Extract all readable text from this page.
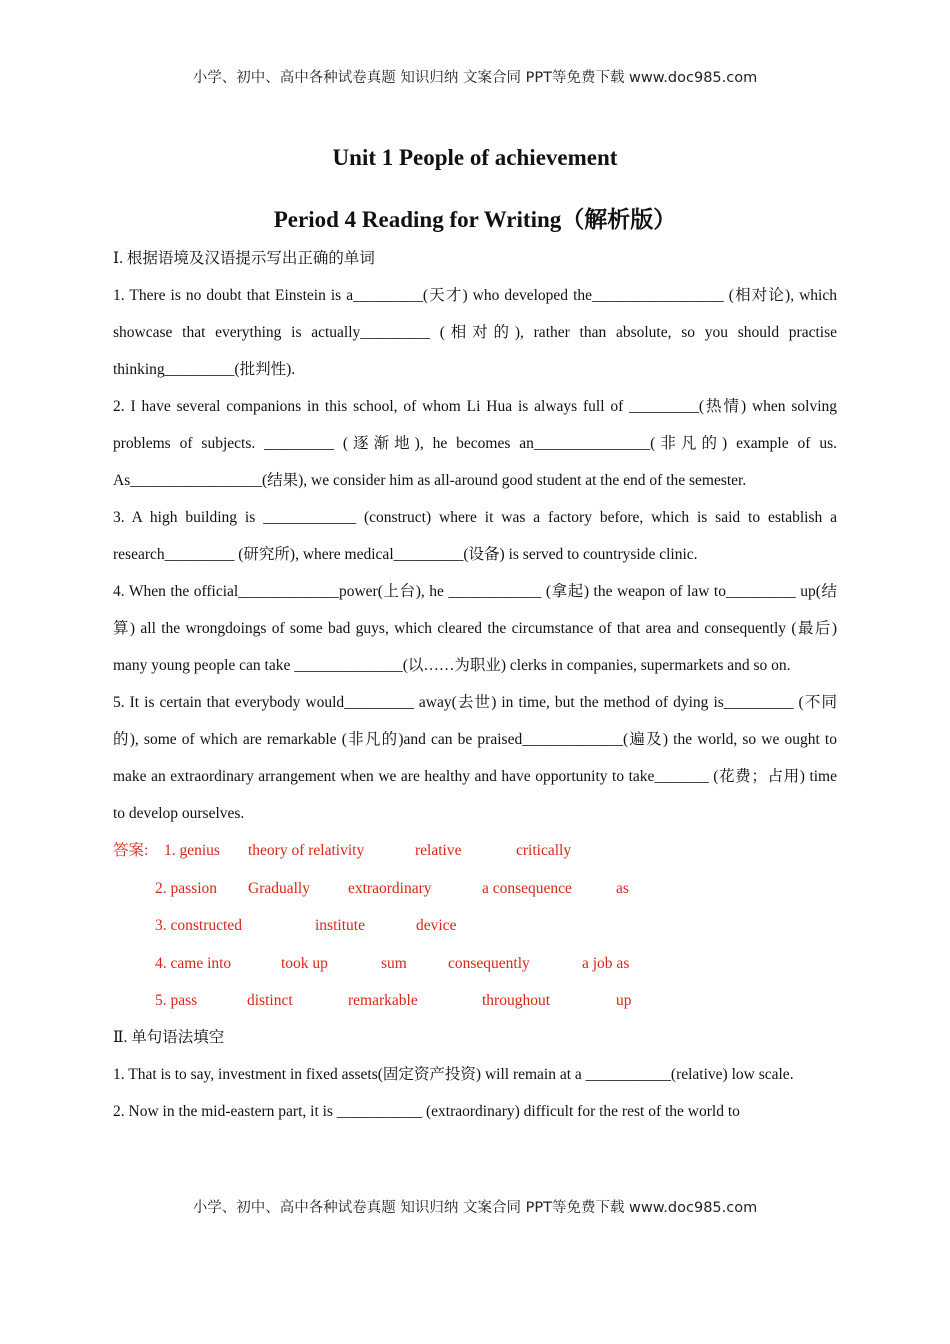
小学、初中、高中各种试卷真题 知识归纳 文案合同 PPT等免费下载 www.doc985.com
Unit 1 People of achievement
Period 4 Reading for Writing（解析版）

Ⅰ. 根据语境及汉语提示写出正确的单词

1. There is no doubt that Einstein is a_________(天才) who developed the_________________ (相对论), which showcase that everything is actually_________ (相对的), rather than absolute, so you should practise thinking_________(批判性).

2. I have several companions in this school, of whom Li Hua is always full of _________(热情) when solving problems of subjects. _________ (逐渐地), he becomes an_______________(非凡的) example of us. As_________________(结果), we consider him as all-around good student at the end of the semester.

3. A high building is ____________ (construct) where it was a factory before, which is said to establish a research_________ (研究所), where medical_________(设备) is served to countryside clinic.

4. When the official_____________power(上台), he ____________ (拿起) the weapon of law to_________ up(结算) all the wrongdoings of some bad guys, which cleared the circumstance of that area and consequently (最后) many young people can take ______________(以……为职业) clerks in companies, supermarkets and so on.

5. It is certain that everybody would_________ away(去世) in time, but the method of dying is_________ (不同的), some of which are remarkable (非凡的)and can be praised_____________(遍及) the world, so we ought to make an extraordinary arrangement when we are healthy and have opportunity to take_______ (花费；占用) time to develop ourselves.

答案:	1. genius	theory of relativity	relative	critically
2. passion	Gradually	extraordinary	a consequence	as
3. constructed	institute	device
4. came into	took up	sum	consequently	a job as
5. pass	distinct	remarkable	throughout	up

Ⅱ. 单句语法填空

1. That is to say, investment in fixed assets(固定资产投资) will remain at a ___________(relative) low scale.

2. Now in the mid-eastern part, it is ___________ (extraordinary) difficult for the rest of the world to

小学、初中、高中各种试卷真题 知识归纳 文案合同 PPT等免费下载 www.doc985.com
